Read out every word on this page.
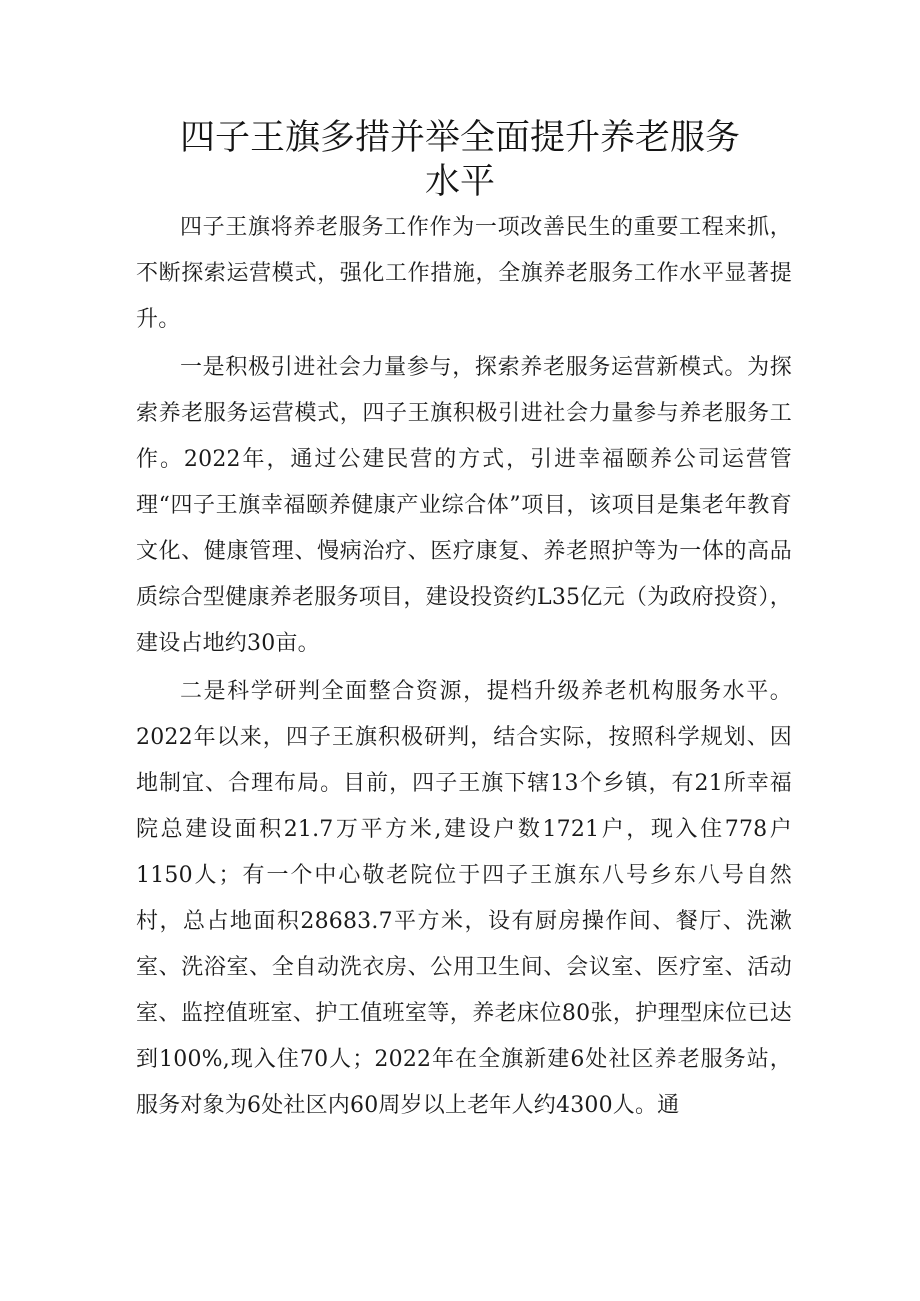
四子王旗多措并举全面提升养老服务
水平

四子王旗将养老服务工作作为一项改善民生的重要工程来抓，不断探索运营模式，强化工作措施，全旗养老服务工作水平显著提升。

一是积极引进社会力量参与，探索养老服务运营新模式。为探索养老服务运营模式，四子王旗积极引进社会力量参与养老服务工作。2022年，通过公建民营的方式，引进幸福颐养公司运营管理“四子王旗幸福颐养健康产业综合体”项目，该项目是集老年教育文化、健康管理、慢病治疗、医疗康复、养老照护等为一体的高品质综合型健康养老服务项目，建设投资约L35亿元（为政府投资），建设占地约30亩。

二是科学研判全面整合资源，提档升级养老机构服务水平。2022年以来，四子王旗积极研判，结合实际，按照科学规划、因地制宜、合理布局。目前，四子王旗下辖13个乡镇，有21所幸福院总建设面积21.7万平方米,建设户数1721户，现入住778户1150人；有一个中心敬老院位于四子王旗东八号乡东八号自然村，总占地面积28683.7平方米，设有厨房操作间、餐厅、洗漱室、洗浴室、全自动洗衣房、公用卫生间、会议室、医疗室、活动室、监控值班室、护工值班室等，养老床位80张，护理型床位已达到100%,现入住70人；2022年在全旗新建6处社区养老服务站，服务对象为6处社区内60周岁以上老年人约4300人。通
